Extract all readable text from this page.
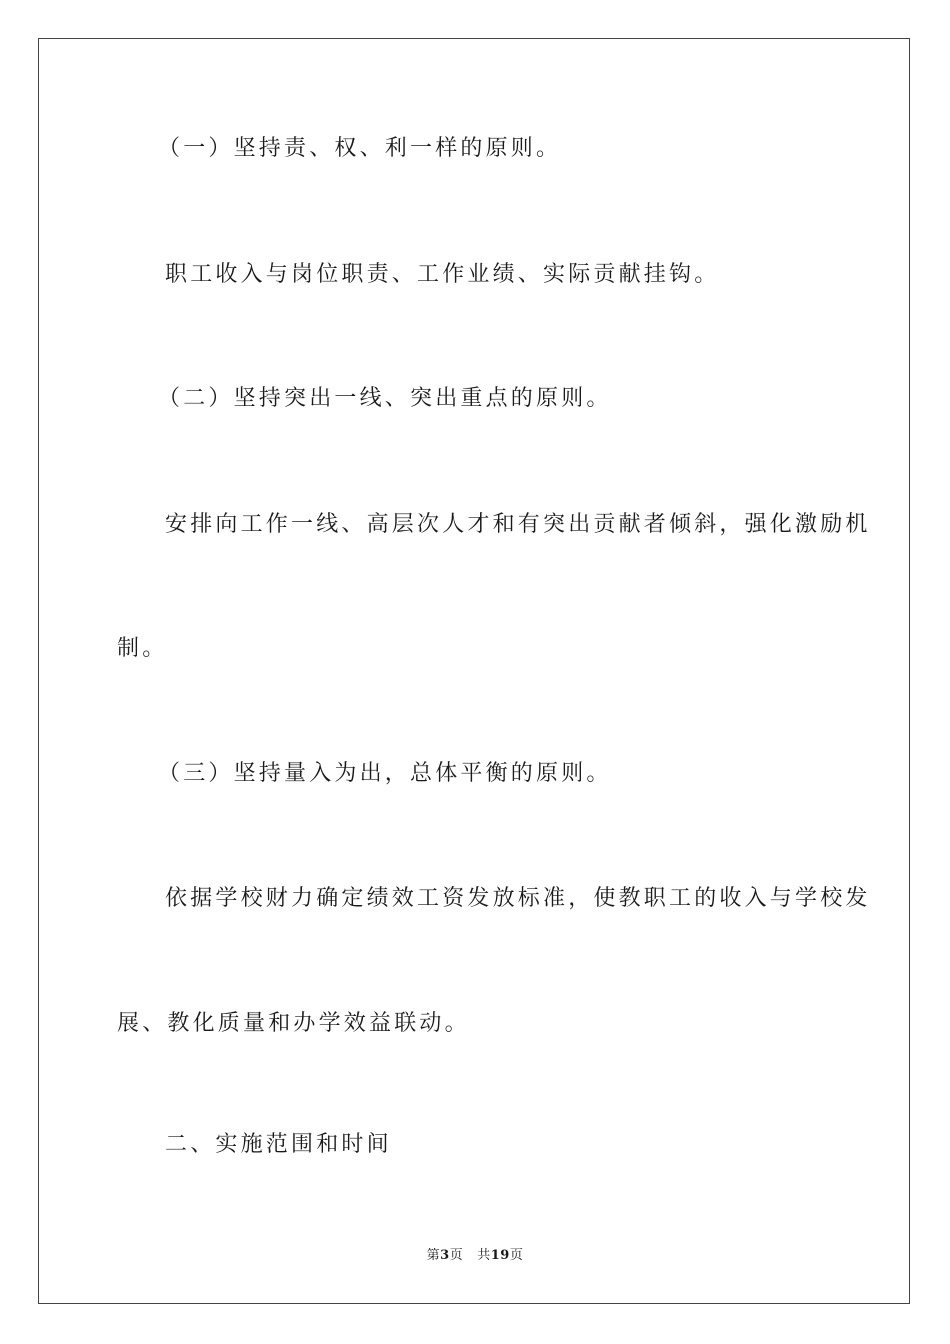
（一）坚持责、权、利一样的原则。
职工收入与岗位职责、工作业绩、实际贡献挂钩。
（二）坚持突出一线、突出重点的原则。
安排向工作一线、高层次人才和有突出贡献者倾斜，强化激励机
制。
（三）坚持量入为出，总体平衡的原则。
依据学校财力确定绩效工资发放标准，使教职工的收入与学校发
展、教化质量和办学效益联动。
二、实施范围和时间
第3页 共19页
